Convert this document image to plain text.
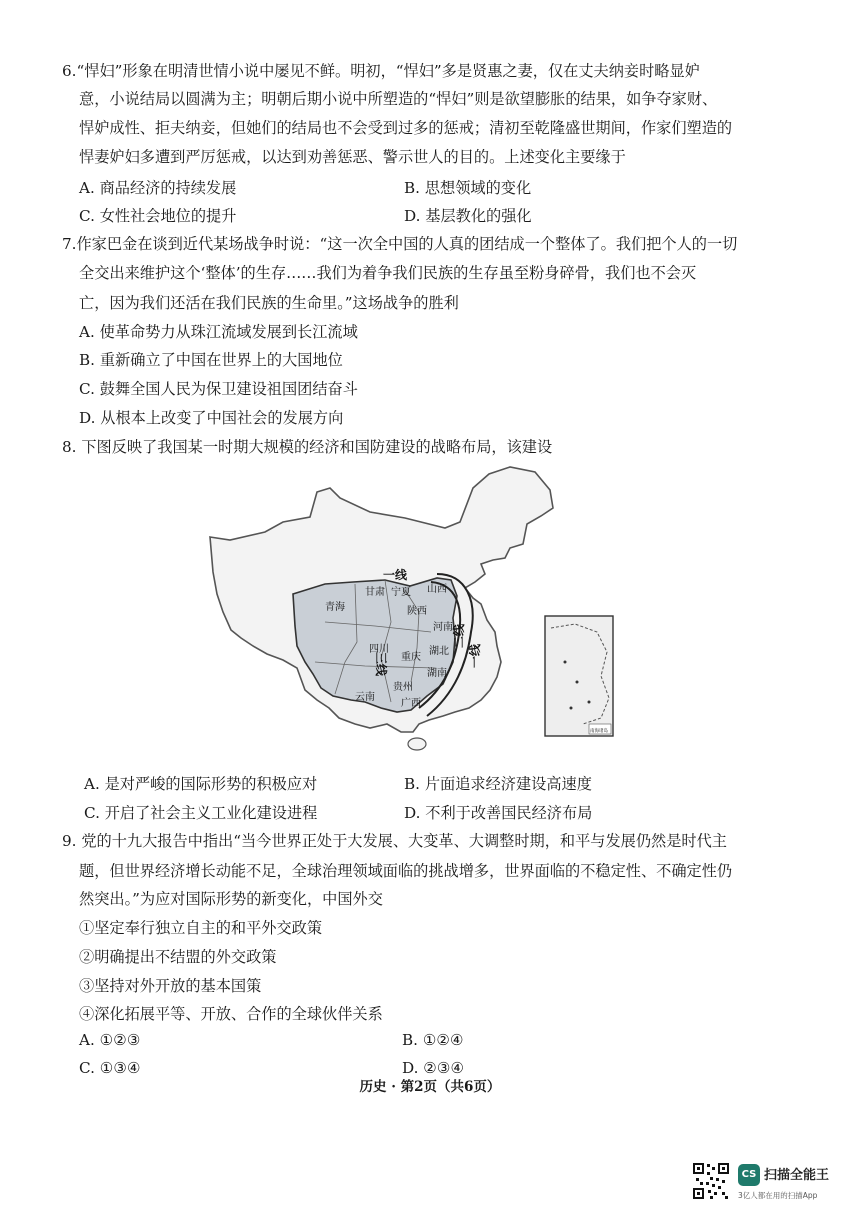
6.“悍妇”形象在明清世情小说中屡见不鲜。明初，“悍妇”多是贤惠之妻，仅在丈夫纳妾时略显妒
意，小说结局以圆满为主；明朝后期小说中所塑造的“悍妇”则是欲望膨胀的结果，如争夺家财、
悍妒成性、拒夫纳妾，但她们的结局也不会受到过多的惩戒；清初至乾隆盛世期间，作家们塑造的
悍妻妒妇多遭到严厉惩戒，以达到劝善惩恶、警示世人的目的。上述变化主要缘于
A. 商品经济的持续发展	B. 思想领域的变化
C. 女性社会地位的提升	D. 基层教化的强化
7.作家巴金在谈到近代某场战争时说：“这一次全中国的人真的团结成一个整体了。我们把个人的一切
全交出来维护这个‘整体’的生存……我们为着争我们民族的生存虽至粉身碎骨，我们也不会灭
亡，因为我们还活在我们民族的生命里。”这场战争的胜利
A. 使革命势力从珠江流域发展到长江流域
B. 重新确立了中国在世界上的大国地位
C. 鼓舞全国人民为保卫建设祖国团结奋斗
D. 从根本上改变了中国社会的发展方向
8. 下图反映了我国某一时期大规模的经济和国防建设的战略布局，该建设
一线
三线
二线
一线
甘肃 宁夏 山西
青海	陕西
河南
四川	湖北
重庆
湖南
贵州
云南
广西
南海诸岛
A. 是对严峻的国际形势的积极应对	B. 片面追求经济建设高速度
C. 开启了社会主义工业化建设进程	D. 不利于改善国民经济布局
9. 党的十九大报告中指出“当今世界正处于大发展、大变革、大调整时期，和平与发展仍然是时代主
题，但世界经济增长动能不足，全球治理领域面临的挑战增多，世界面临的不稳定性、不确定性仍
然突出。”为应对国际形势的新变化，中国外交
①坚定奉行独立自主的和平外交政策
②明确提出不结盟的外交政策
③坚持对外开放的基本国策
④深化拓展平等、开放、合作的全球伙伴关系
A. ①②③	B. ①②④
C. ①③④	D. ②③④
历史 · 第2页（共6页）
CS 扫描全能王
3亿人都在用的扫描App
